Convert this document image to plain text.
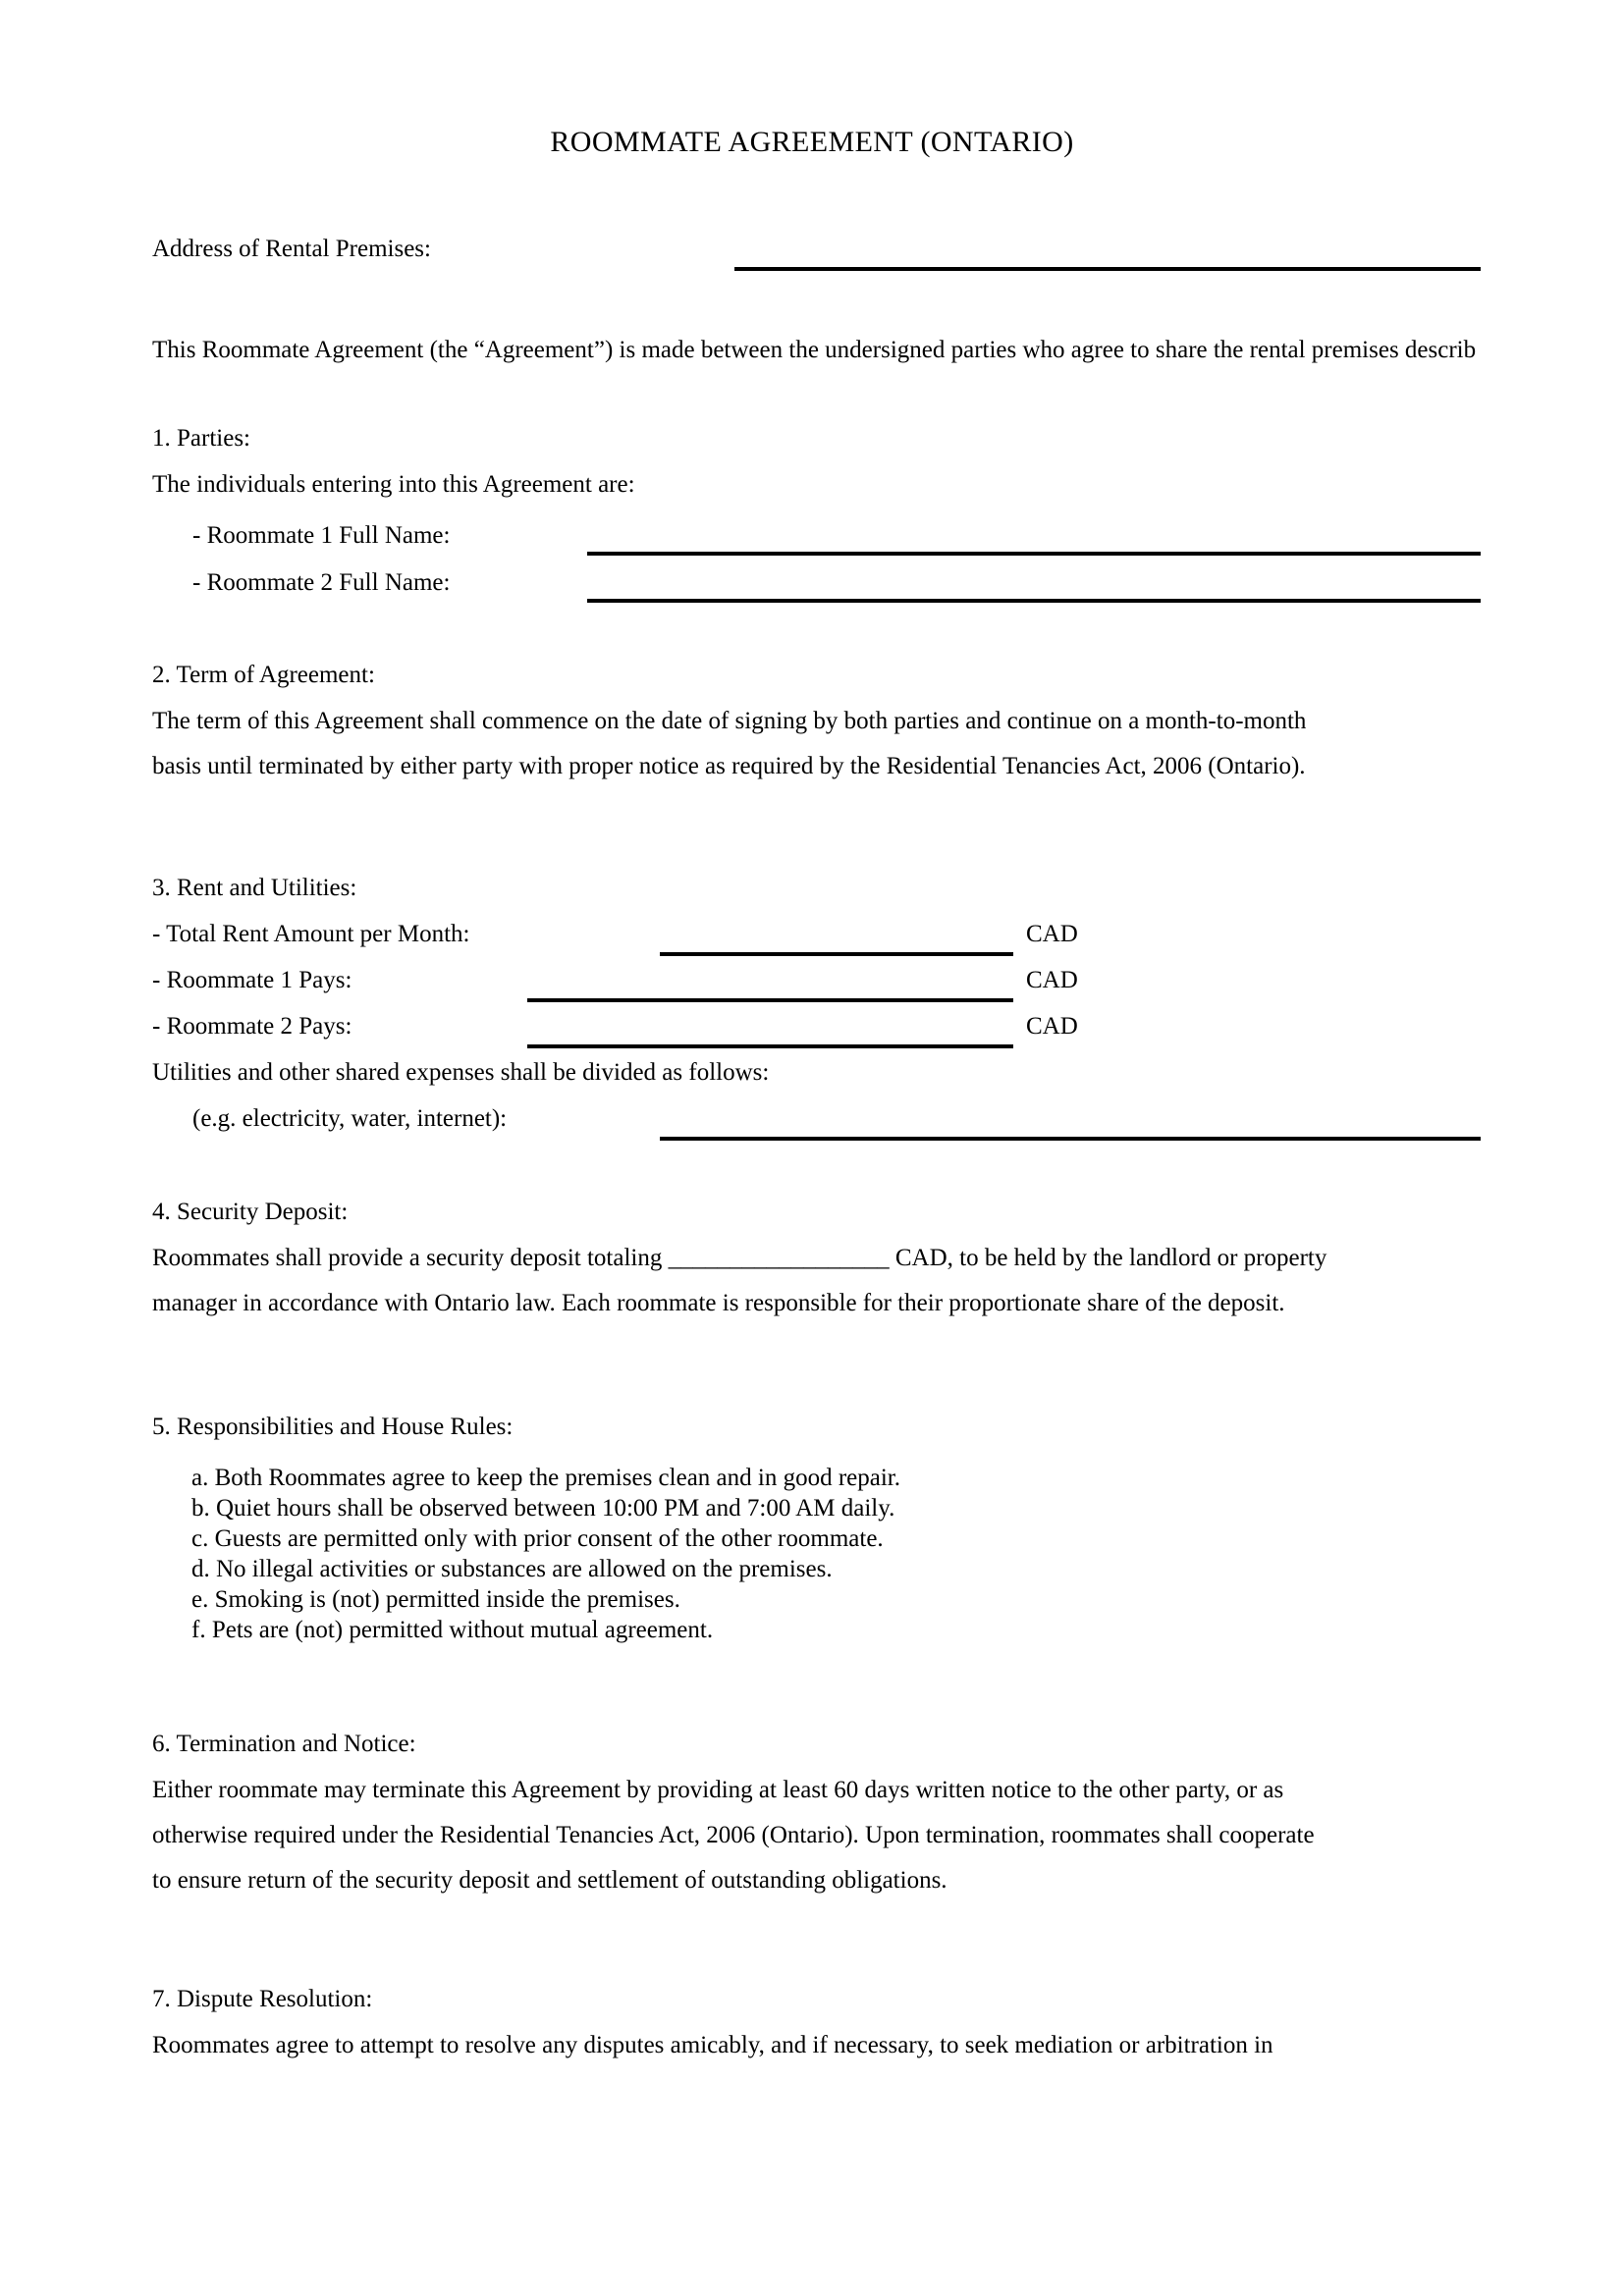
ROOMMATE AGREEMENT (ONTARIO)
Address of Rental Premises:
This Roommate Agreement (the “Agreement”) is made between the undersigned parties who agree to share the rental premises describ
1. Parties:
The individuals entering into this Agreement are:
- Roommate 1 Full Name:
- Roommate 2 Full Name:
2. Term of Agreement:
The term of this Agreement shall commence on the date of signing by both parties and continue on a month-to-month
basis until terminated by either party with proper notice as required by the Residential Tenancies Act, 2006 (Ontario).
3. Rent and Utilities:
- Total Rent Amount per Month:	CAD
- Roommate 1 Pays:	CAD
- Roommate 2 Pays:	CAD
Utilities and other shared expenses shall be divided as follows:
(e.g. electricity, water, internet):
4. Security Deposit:
Roommates shall provide a security deposit totaling __________________ CAD, to be held by the landlord or property
manager in accordance with Ontario law. Each roommate is responsible for their proportionate share of the deposit.
5. Responsibilities and House Rules:
a. Both Roommates agree to keep the premises clean and in good repair.
b. Quiet hours shall be observed between 10:00 PM and 7:00 AM daily.
c. Guests are permitted only with prior consent of the other roommate.
d. No illegal activities or substances are allowed on the premises.
e. Smoking is (not) permitted inside the premises.
f. Pets are (not) permitted without mutual agreement.
6. Termination and Notice:
Either roommate may terminate this Agreement by providing at least 60 days written notice to the other party, or as
otherwise required under the Residential Tenancies Act, 2006 (Ontario). Upon termination, roommates shall cooperate
to ensure return of the security deposit and settlement of outstanding obligations.
7. Dispute Resolution:
Roommates agree to attempt to resolve any disputes amicably, and if necessary, to seek mediation or arbitration in
